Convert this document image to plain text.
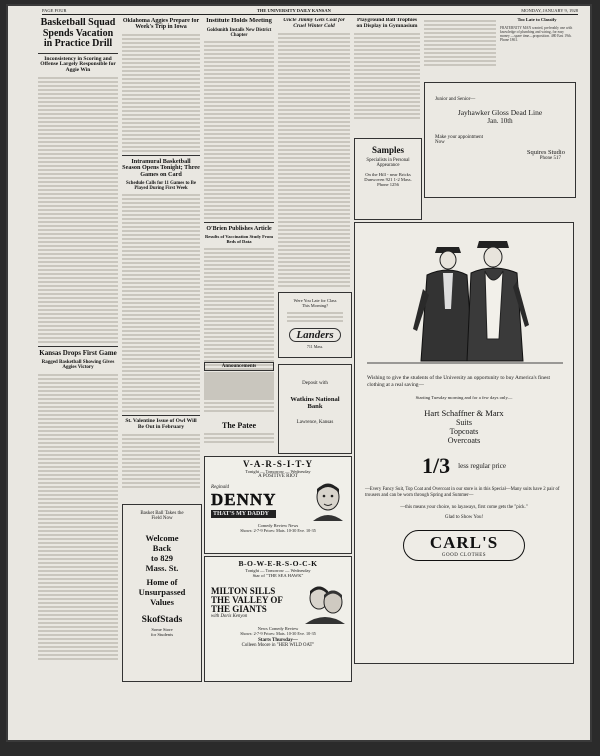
PAGE FOUR	THE UNIVERSITY DAILY KANSAN	MONDAY, JANUARY 9, 1928
Basketball Squad Spends Vacation in Practice Drill
Inconsistency in Scoring and Offense Largely Responsible for Aggie Win
Kansas Drops First Game
Ragged Basketball Showing Gives Aggies Victory
Oklahoma Aggies Prepare for Week's Trip in Iowa
Intramural Basketball Season Opens Tonight; Three Games on Card
Schedule Calls for 11 Games to Be Played During First Week
St. Valentine Issue of Owl Will Be Out in February
Institute Holds Meeting
Goldsmith Installs New District Chapter
O'Brien Publishes Article
Results of Vaccination Study From Beds of Data
Uncle Jimmy Gets Coat for Cruel Winter Cold
Playground Ball Trophies on Display in Gymnasium
Too Late to Classify
FRATERNITY MAN wanted, preferably one with knowledge of plumbing and wiring, for easy money —spare time—proposition. 480 East 19th. Phone 1861.
Junior and Senior—
Jayhawker Gloss Dead Line
Jan. 10th
Make your appointment
Now
Squires Studio
Phone 517
Samples
Specialists in Personal
Appearance
On the Hill - near Bricks
Dunwoven 921 1-2 Mass.
Phone 1256
Were You Late for Class
This Morning?
Landers
711 Mass.
Announcements
The Patee
Deposit with
Watkins National
Bank
Lawrence, Kansas
V-A-R-S-I-T-Y
Tonight — Tomorrow — Wednesday
A POSITIVE RIOT
Reginald
DENNY
THAT'S MY DADDY
Comedy Review News
Shows: 2-7-9 Prices: Mats. 10-30 Eve. 10-35
B-O-W-E-R-S-O-C-K
Tonight — Tomorrow — Wednesday
Star of "THE SEA HAWK"
MILTON SILLS
THE VALLEY OF THE GIANTS
with Doris Kenyon
News Comedy Review
Shows: 2-7-9 Prices: Mats. 10-30 Eve. 10-35
Starts Thursday—
Colleen Moore in "HER WILD OAT"
Basket Ball Takes the
Field Now
Welcome
Back
to 829
Mass. St.
Home of
Unsurpassed
Values
SkofStads
Some Store
for Students
Wishing to give the students of the University an opportunity to buy America's finest clothing at a real saving—
Starting Tuesday morning and for a few days only—
Hart Schaffner & Marx
Suits
Topcoats
Overcoats
1/3 less regular price
—Every Fancy Suit, Top Coat and Overcoat in our store is in this Special—Many suits have 2 pair of trousers and can be worn through Spring and Summer—
—this means your choice, no layaways, first come gets the "pick."
Glad to Show You!
CARL'S
GOOD CLOTHES
